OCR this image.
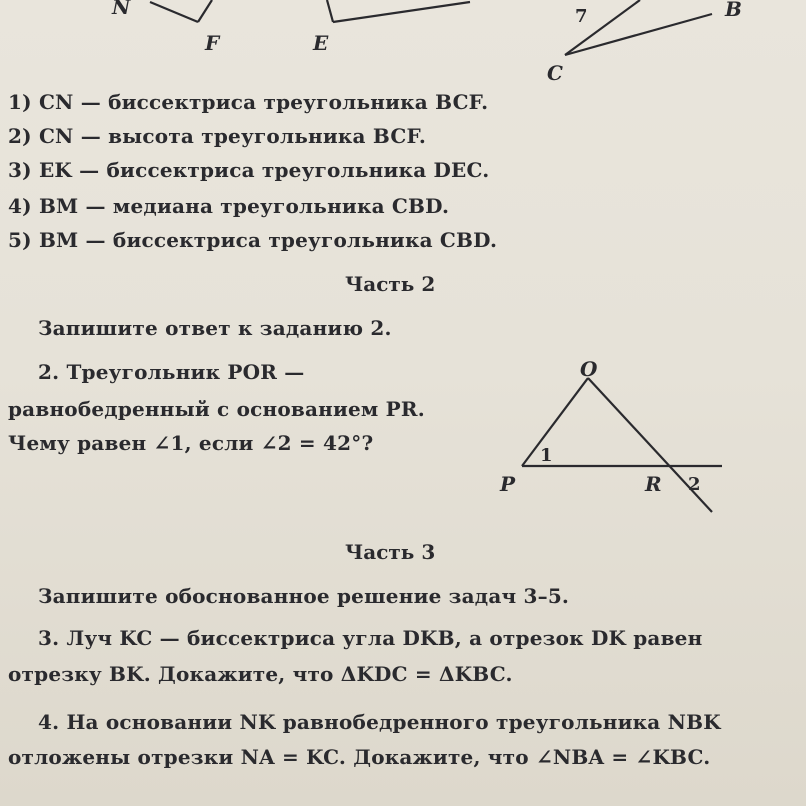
N
F	E
7	B
C
O
P	R
1
2
1) CN — биссектриса треугольника BCF.
2) CN — высота треугольника BCF.
3) EK — биссектриса треугольника DEC.
4) BM — медиана треугольника CBD.
5) BM — биссектриса треугольника CBD.
Часть 2
Запишите ответ к заданию 2.
2. Треугольник POR —
равнобедренный с основанием PR.
Чему равен ∠1, если ∠2 = 42°?
Часть 3
Запишите обоснованное решение задач 3–5.
3. Луч KC — биссектриса угла DKB, а отрезок DK равен
отрезку BK. Докажите, что ΔKDC = ΔKBC.
4. На основании NK равнобедренного треугольника NBK
отложены отрезки NA = KC. Докажите, что ∠NBA = ∠KBC.
